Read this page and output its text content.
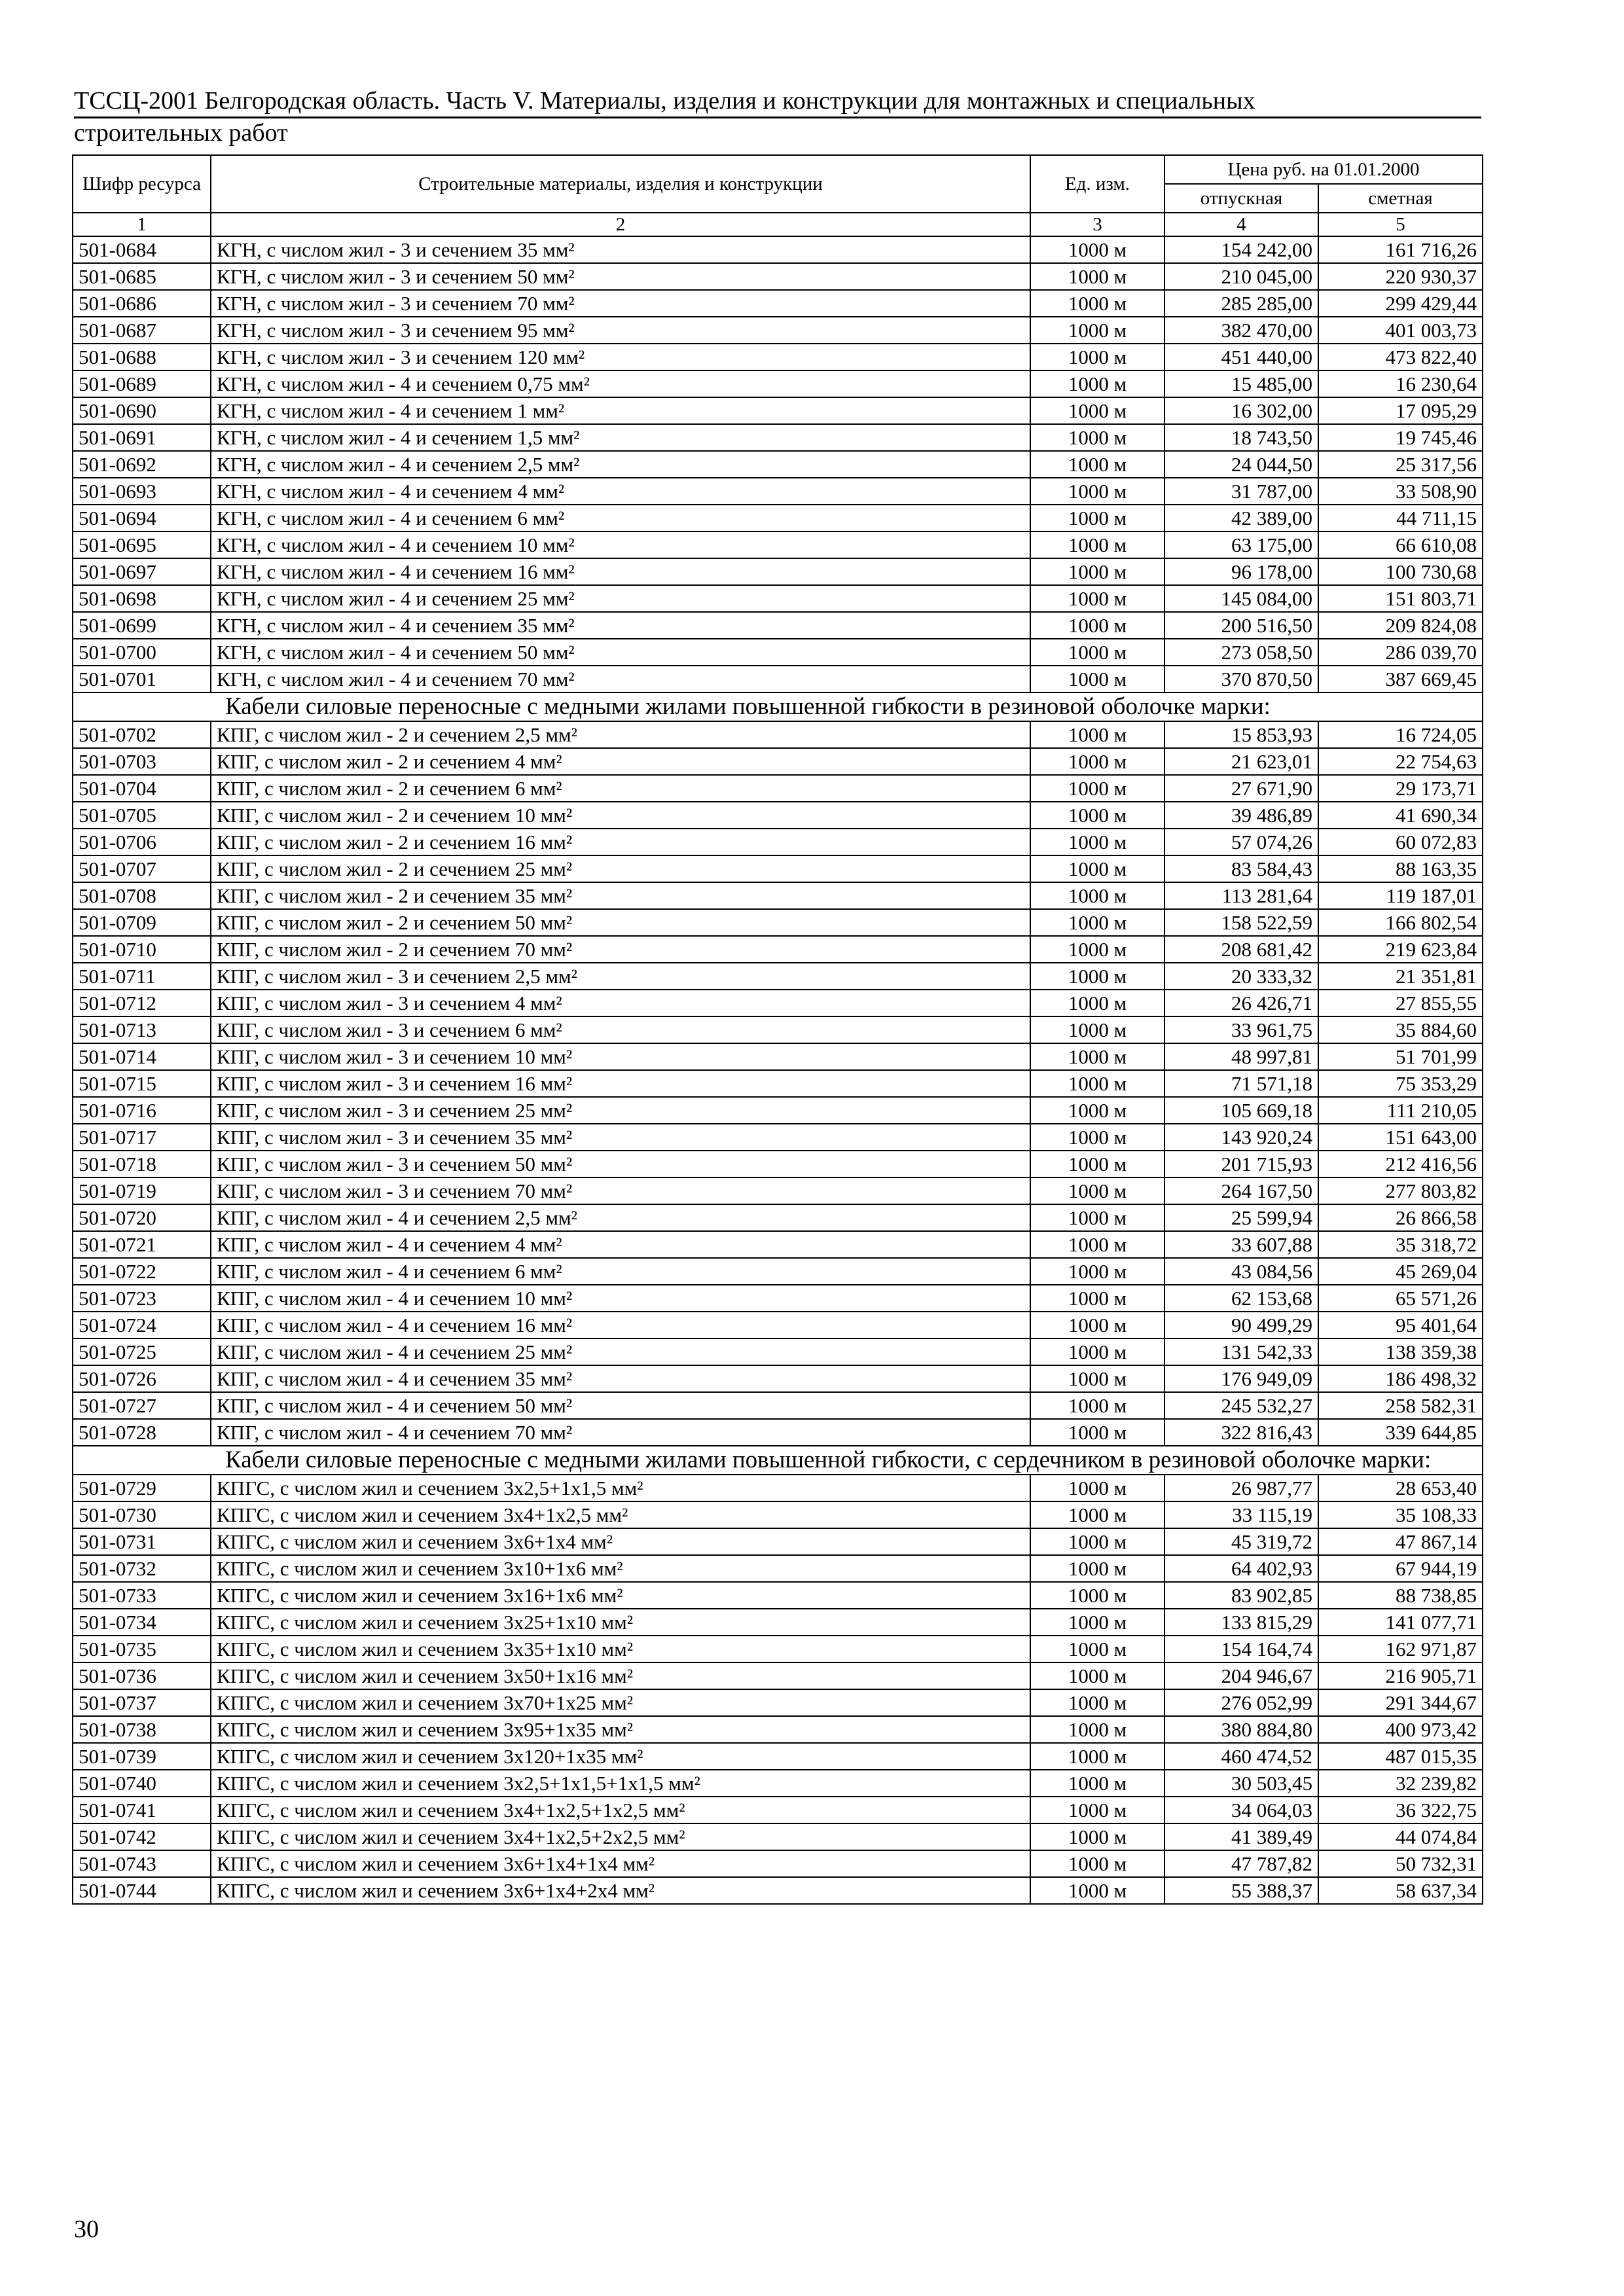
ТССЦ-2001 Белгородская область. Часть V. Материалы, изделия и конструкции для монтажных и специальных
строительных работ
Шифр ресурса	Строительные материалы, изделия и конструкции	Ед. изм.	Цена руб. на 01.01.2000	
			отпускная	сметная
1	2	3	4	5
501-0684	КГН, с числом жил - 3 и сечением 35 мм²	1000 м	154 242,00	161 716,26
501-0685	КГН, с числом жил - 3 и сечением 50 мм²	1000 м	210 045,00	220 930,37
501-0686	КГН, с числом жил - 3 и сечением 70 мм²	1000 м	285 285,00	299 429,44
501-0687	КГН, с числом жил - 3 и сечением 95 мм²	1000 м	382 470,00	401 003,73
501-0688	КГН, с числом жил - 3 и сечением 120 мм²	1000 м	451 440,00	473 822,40
501-0689	КГН, с числом жил - 4 и сечением 0,75 мм²	1000 м	15 485,00	16 230,64
501-0690	КГН, с числом жил - 4 и сечением 1 мм²	1000 м	16 302,00	17 095,29
501-0691	КГН, с числом жил - 4 и сечением 1,5 мм²	1000 м	18 743,50	19 745,46
501-0692	КГН, с числом жил - 4 и сечением 2,5 мм²	1000 м	24 044,50	25 317,56
501-0693	КГН, с числом жил - 4 и сечением 4 мм²	1000 м	31 787,00	33 508,90
501-0694	КГН, с числом жил - 4 и сечением 6 мм²	1000 м	42 389,00	44 711,15
501-0695	КГН, с числом жил - 4 и сечением 10 мм²	1000 м	63 175,00	66 610,08
501-0697	КГН, с числом жил - 4 и сечением 16 мм²	1000 м	96 178,00	100 730,68
501-0698	КГН, с числом жил - 4 и сечением 25 мм²	1000 м	145 084,00	151 803,71
501-0699	КГН, с числом жил - 4 и сечением 35 мм²	1000 м	200 516,50	209 824,08
501-0700	КГН, с числом жил - 4 и сечением 50 мм²	1000 м	273 058,50	286 039,70
501-0701	КГН, с числом жил - 4 и сечением 70 мм²	1000 м	370 870,50	387 669,45
Кабели силовые переносные с медными жилами повышенной гибкости в резиновой оболочке марки:				
501-0702	КПГ, с числом жил - 2 и сечением 2,5 мм²	1000 м	15 853,93	16 724,05
501-0703	КПГ, с числом жил - 2 и сечением 4 мм²	1000 м	21 623,01	22 754,63
501-0704	КПГ, с числом жил - 2 и сечением 6 мм²	1000 м	27 671,90	29 173,71
501-0705	КПГ, с числом жил - 2 и сечением 10 мм²	1000 м	39 486,89	41 690,34
501-0706	КПГ, с числом жил - 2 и сечением 16 мм²	1000 м	57 074,26	60 072,83
501-0707	КПГ, с числом жил - 2 и сечением 25 мм²	1000 м	83 584,43	88 163,35
501-0708	КПГ, с числом жил - 2 и сечением 35 мм²	1000 м	113 281,64	119 187,01
501-0709	КПГ, с числом жил - 2 и сечением 50 мм²	1000 м	158 522,59	166 802,54
501-0710	КПГ, с числом жил - 2 и сечением 70 мм²	1000 м	208 681,42	219 623,84
501-0711	КПГ, с числом жил - 3 и сечением 2,5 мм²	1000 м	20 333,32	21 351,81
501-0712	КПГ, с числом жил - 3 и сечением 4 мм²	1000 м	26 426,71	27 855,55
501-0713	КПГ, с числом жил - 3 и сечением 6 мм²	1000 м	33 961,75	35 884,60
501-0714	КПГ, с числом жил - 3 и сечением 10 мм²	1000 м	48 997,81	51 701,99
501-0715	КПГ, с числом жил - 3 и сечением 16 мм²	1000 м	71 571,18	75 353,29
501-0716	КПГ, с числом жил - 3 и сечением 25 мм²	1000 м	105 669,18	111 210,05
501-0717	КПГ, с числом жил - 3 и сечением 35 мм²	1000 м	143 920,24	151 643,00
501-0718	КПГ, с числом жил - 3 и сечением 50 мм²	1000 м	201 715,93	212 416,56
501-0719	КПГ, с числом жил - 3 и сечением 70 мм²	1000 м	264 167,50	277 803,82
501-0720	КПГ, с числом жил - 4 и сечением 2,5 мм²	1000 м	25 599,94	26 866,58
501-0721	КПГ, с числом жил - 4 и сечением 4 мм²	1000 м	33 607,88	35 318,72
501-0722	КПГ, с числом жил - 4 и сечением 6 мм²	1000 м	43 084,56	45 269,04
501-0723	КПГ, с числом жил - 4 и сечением 10 мм²	1000 м	62 153,68	65 571,26
501-0724	КПГ, с числом жил - 4 и сечением 16 мм²	1000 м	90 499,29	95 401,64
501-0725	КПГ, с числом жил - 4 и сечением 25 мм²	1000 м	131 542,33	138 359,38
501-0726	КПГ, с числом жил - 4 и сечением 35 мм²	1000 м	176 949,09	186 498,32
501-0727	КПГ, с числом жил - 4 и сечением 50 мм²	1000 м	245 532,27	258 582,31
501-0728	КПГ, с числом жил - 4 и сечением 70 мм²	1000 м	322 816,43	339 644,85
Кабели силовые переносные с медными жилами повышенной гибкости, с сердечником в резиновой оболочке марки:				
501-0729	КПГС, с числом жил и сечением 3х2,5+1х1,5 мм²	1000 м	26 987,77	28 653,40
501-0730	КПГС, с числом жил и сечением 3х4+1х2,5 мм²	1000 м	33 115,19	35 108,33
501-0731	КПГС, с числом жил и сечением 3х6+1х4 мм²	1000 м	45 319,72	47 867,14
501-0732	КПГС, с числом жил и сечением 3х10+1х6 мм²	1000 м	64 402,93	67 944,19
501-0733	КПГС, с числом жил и сечением 3х16+1х6 мм²	1000 м	83 902,85	88 738,85
501-0734	КПГС, с числом жил и сечением 3х25+1х10 мм²	1000 м	133 815,29	141 077,71
501-0735	КПГС, с числом жил и сечением 3х35+1х10 мм²	1000 м	154 164,74	162 971,87
501-0736	КПГС, с числом жил и сечением 3х50+1х16 мм²	1000 м	204 946,67	216 905,71
501-0737	КПГС, с числом жил и сечением 3х70+1х25 мм²	1000 м	276 052,99	291 344,67
501-0738	КПГС, с числом жил и сечением 3х95+1х35 мм²	1000 м	380 884,80	400 973,42
501-0739	КПГС, с числом жил и сечением 3х120+1х35 мм²	1000 м	460 474,52	487 015,35
501-0740	КПГС, с числом жил и сечением 3х2,5+1х1,5+1х1,5 мм²	1000 м	30 503,45	32 239,82
501-0741	КПГС, с числом жил и сечением 3х4+1х2,5+1х2,5 мм²	1000 м	34 064,03	36 322,75
501-0742	КПГС, с числом жил и сечением 3х4+1х2,5+2х2,5 мм²	1000 м	41 389,49	44 074,84
501-0743	КПГС, с числом жил и сечением 3х6+1х4+1х4 мм²	1000 м	47 787,82	50 732,31
501-0744	КПГС, с числом жил и сечением 3х6+1х4+2х4 мм²	1000 м	55 388,37	58 637,34
30
